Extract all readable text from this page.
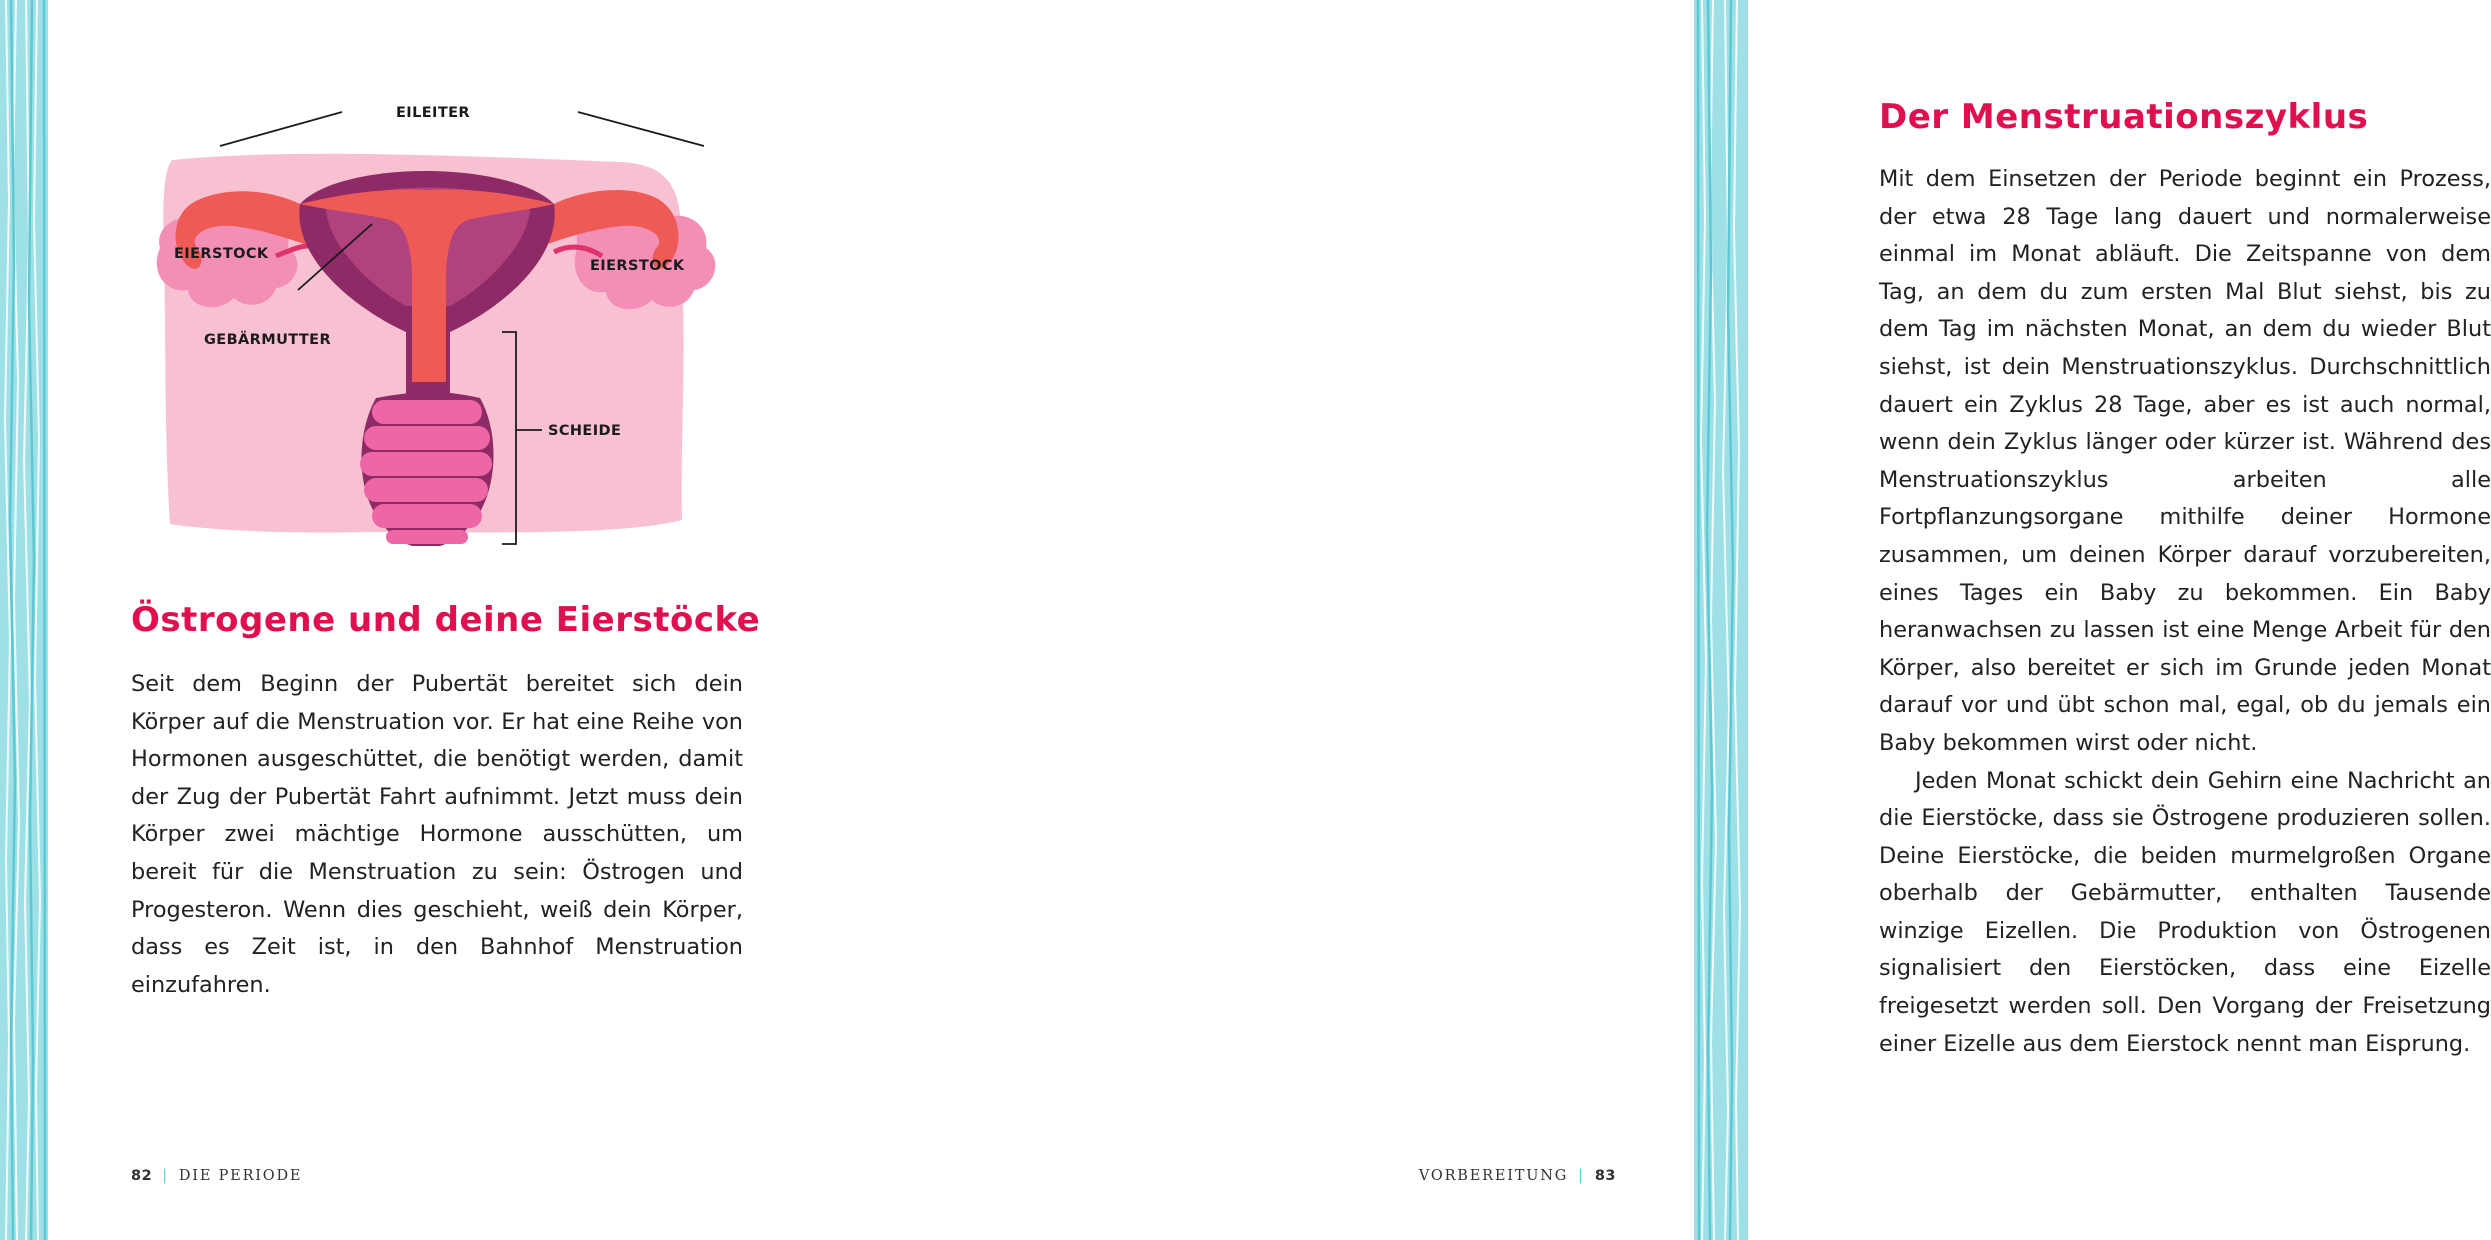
EILEITER
EIERSTOCK
EIERSTOCK
GEBÄRMUTTER
SCHEIDE
Östrogene und deine Eierstöcke

Seit dem Beginn der Pubertät bereitet sich dein Körper auf die Menstruation vor. Er hat eine Reihe von Hormonen ausgeschüttet, die benötigt werden, damit der Zug der Pubertät Fahrt aufnimmt. Jetzt muss dein Körper zwei mächtige Hormone ausschütten, um bereit für die Menstruation zu sein: Östrogen und Progesteron. Wenn dies geschieht, weiß dein Körper, dass es Zeit ist, in den Bahnhof Menstruation einzufahren.

82 | DIE PERIODE
Der Menstruationszyklus

Mit dem Einsetzen der Periode beginnt ein Prozess, der etwa 28 Tage lang dauert und normalerweise einmal im Monat abläuft. Die Zeitspanne von dem Tag, an dem du zum ersten Mal Blut siehst, bis zu dem Tag im nächsten Monat, an dem du wieder Blut siehst, ist dein Menstruationszyklus. Durchschnittlich dauert ein Zyklus 28 Tage, aber es ist auch normal, wenn dein Zyklus länger oder kürzer ist. Während des Menstruationszyklus arbeiten alle Fortpflanzungsorgane mithilfe deiner Hormone zusammen, um deinen Körper darauf vorzubereiten, eines Tages ein Baby zu bekommen. Ein Baby heranwachsen zu lassen ist eine Menge Arbeit für den Körper, also bereitet er sich im Grunde jeden Monat darauf vor und übt schon mal, egal, ob du jemals ein Baby bekommen wirst oder nicht.

Jeden Monat schickt dein Gehirn eine Nachricht an die Eierstöcke, dass sie Östrogene produzieren sollen. Deine Eierstöcke, die beiden murmelgroßen Organe oberhalb der Gebärmutter, enthalten Tausende winzige Eizellen. Die Produktion von Östrogenen signalisiert den Eierstöcken, dass eine Eizelle freigesetzt werden soll. Den Vorgang der Freisetzung einer Eizelle aus dem Eierstock nennt man Eisprung.

VORBEREITUNG | 83
